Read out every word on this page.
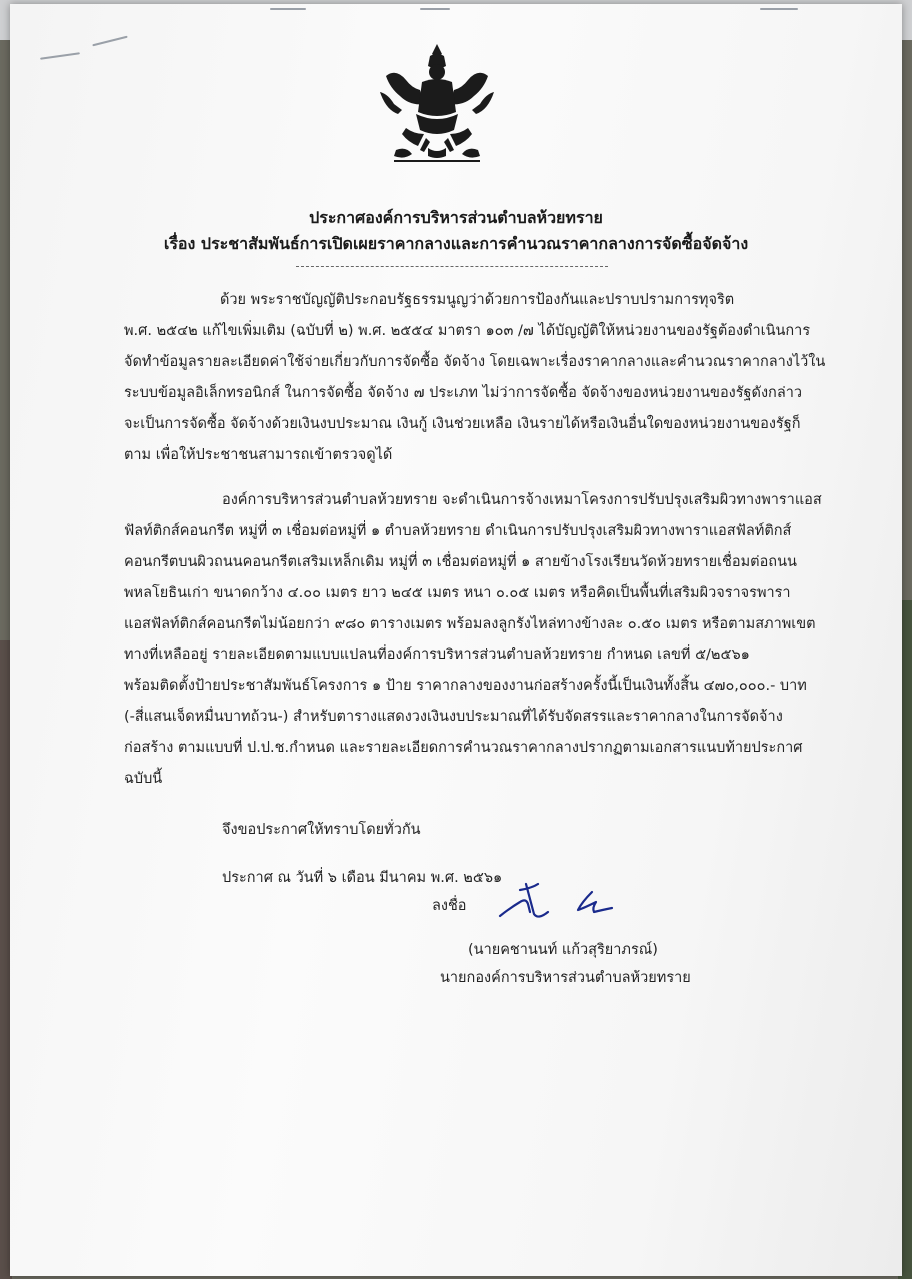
ประกาศองค์การบริหารส่วนตำบลห้วยทราย
เรื่อง ประชาสัมพันธ์การเปิดเผยราคากลางและการคำนวณราคากลางการจัดซื้อจัดจ้าง
ด้วย พระราชบัญญัติประกอบรัฐธรรมนูญว่าด้วยการป้องกันและปราบปรามการทุจริต
พ.ศ. ๒๕๔๒ แก้ไขเพิ่มเติม (ฉบับที่ ๒) พ.ศ. ๒๕๕๔ มาตรา ๑๐๓ /๗ ได้บัญญัติให้หน่วยงานของรัฐต้องดำเนินการ
จัดทำข้อมูลรายละเอียดค่าใช้จ่ายเกี่ยวกับการจัดซื้อ จัดจ้าง โดยเฉพาะเรื่องราคากลางและคำนวณราคากลางไว้ใน
ระบบข้อมูลอิเล็กทรอนิกส์ ในการจัดซื้อ จัดจ้าง ๗ ประเภท ไม่ว่าการจัดซื้อ จัดจ้างของหน่วยงานของรัฐดังกล่าว
จะเป็นการจัดซื้อ จัดจ้างด้วยเงินงบประมาณ เงินกู้ เงินช่วยเหลือ เงินรายได้หรือเงินอื่นใดของหน่วยงานของรัฐก็
ตาม เพื่อให้ประชาชนสามารถเข้าตรวจดูได้
องค์การบริหารส่วนตำบลห้วยทราย จะดำเนินการจ้างเหมาโครงการปรับปรุงเสริมผิวทางพาราแอส
ฟัลท์ติกส์คอนกรีต หมู่ที่ ๓ เชื่อมต่อหมู่ที่ ๑ ตำบลห้วยทราย ดำเนินการปรับปรุงเสริมผิวทางพาราแอสฟัลท์ติกส์
คอนกรีตบนผิวถนนคอนกรีตเสริมเหล็กเดิม หมู่ที่ ๓ เชื่อมต่อหมู่ที่ ๑ สายข้างโรงเรียนวัดห้วยทรายเชื่อมต่อถนน
พหลโยธินเก่า ขนาดกว้าง ๔.๐๐ เมตร ยาว ๒๔๕ เมตร หนา ๐.๐๕ เมตร หรือคิดเป็นพื้นที่เสริมผิวจราจรพารา
แอสฟัลท์ติกส์คอนกรีตไม่น้อยกว่า ๙๘๐ ตารางเมตร พร้อมลงลูกรังไหล่ทางข้างละ ๐.๕๐ เมตร หรือตามสภาพเขต
ทางที่เหลืออยู่ รายละเอียดตามแบบแปลนที่องค์การบริหารส่วนตำบลห้วยทราย กำหนด เลขที่ ๕/๒๕๖๑
พร้อมติดตั้งป้ายประชาสัมพันธ์โครงการ ๑ ป้าย ราคากลางของงานก่อสร้างครั้งนี้เป็นเงินทั้งสิ้น ๔๗๐,๐๐๐.- บาท
(-สี่แสนเจ็ดหมื่นบาทถ้วน-) สำหรับตารางแสดงวงเงินงบประมาณที่ได้รับจัดสรรและราคากลางในการจัดจ้าง
ก่อสร้าง ตามแบบที่ ป.ป.ช.กำหนด และรายละเอียดการคำนวณราคากลางปรากฏตามเอกสารแนบท้ายประกาศ
ฉบับนี้
จึงขอประกาศให้ทราบโดยทั่วกัน
ประกาศ ณ วันที่ ๖ เดือน มีนาคม พ.ศ. ๒๕๖๑
ลงชื่อ
(นายคชานนท์ แก้วสุริยาภรณ์)
นายกองค์การบริหารส่วนตำบลห้วยทราย
